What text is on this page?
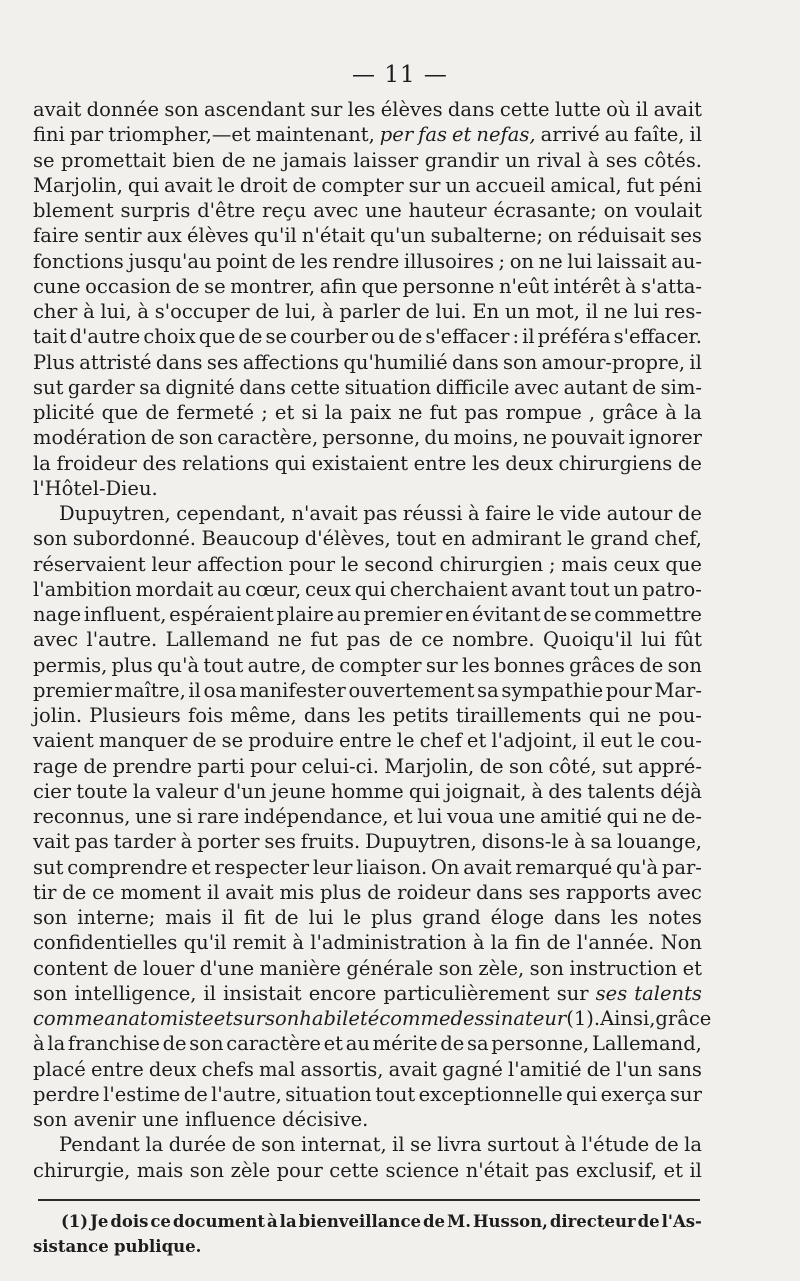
— 11 —
avait donnée son ascendant sur les élèves dans cette lutte où il avait
fini par triompher,—et maintenant, per fas et nefas, arrivé au faîte, il
se promettait bien de ne jamais laisser grandir un rival à ses côtés.
Marjolin, qui avait le droit de compter sur un accueil amical, fut péni
blement surpris d'être reçu avec une hauteur écrasante; on voulait
faire sentir aux élèves qu'il n'était qu'un subalterne; on réduisait ses
fonctions jusqu'au point de les rendre illusoires ; on ne lui laissait au-
cune occasion de se montrer, afin que personne n'eût intérêt à s'atta-
cher à lui, à s'occuper de lui, à parler de lui. En un mot, il ne lui res-
tait d'autre choix que de se courber ou de s'effacer : il préféra s'effacer.
Plus attristé dans ses affections qu'humilié dans son amour-propre, il
sut garder sa dignité dans cette situation difficile avec autant de sim-
plicité que de fermeté ; et si la paix ne fut pas rompue , grâce à la
modération de son caractère, personne, du moins, ne pouvait ignorer
la froideur des relations qui existaient entre les deux chirurgiens de
l'Hôtel-Dieu.
Dupuytren, cependant, n'avait pas réussi à faire le vide autour de
son subordonné. Beaucoup d'élèves, tout en admirant le grand chef,
réservaient leur affection pour le second chirurgien ; mais ceux que
l'ambition mordait au cœur, ceux qui cherchaient avant tout un patro-
nage influent, espéraient plaire au premier en évitant de se commettre
avec l'autre. Lallemand ne fut pas de ce nombre. Quoiqu'il lui fût
permis, plus qu'à tout autre, de compter sur les bonnes grâces de son
premier maître, il osa manifester ouvertement sa sympathie pour Mar-
jolin. Plusieurs fois même, dans les petits tiraillements qui ne pou-
vaient manquer de se produire entre le chef et l'adjoint, il eut le cou-
rage de prendre parti pour celui-ci. Marjolin, de son côté, sut appré-
cier toute la valeur d'un jeune homme qui joignait, à des talents déjà
reconnus, une si rare indépendance, et lui voua une amitié qui ne de-
vait pas tarder à porter ses fruits. Dupuytren, disons-le à sa louange,
sut comprendre et respecter leur liaison. On avait remarqué qu'à par-
tir de ce moment il avait mis plus de roideur dans ses rapports avec
son interne; mais il fit de lui le plus grand éloge dans les notes
confidentielles qu'il remit à l'administration à la fin de l'année. Non
content de louer d'une manière générale son zèle, son instruction et
son intelligence, il insistait encore particulièrement sur ses talents
comme anatomiste et sur son habileté comme dessinateur (1). Ainsi, grâce
à la franchise de son caractère et au mérite de sa personne, Lallemand,
placé entre deux chefs mal assortis, avait gagné l'amitié de l'un sans
perdre l'estime de l'autre, situation tout exceptionnelle qui exerça sur
son avenir une influence décisive.
Pendant la durée de son internat, il se livra surtout à l'étude de la
chirurgie, mais son zèle pour cette science n'était pas exclusif, et il
(1) Je dois ce document à la bienveillance de M. Husson, directeur de l'As-
sistance publique.
